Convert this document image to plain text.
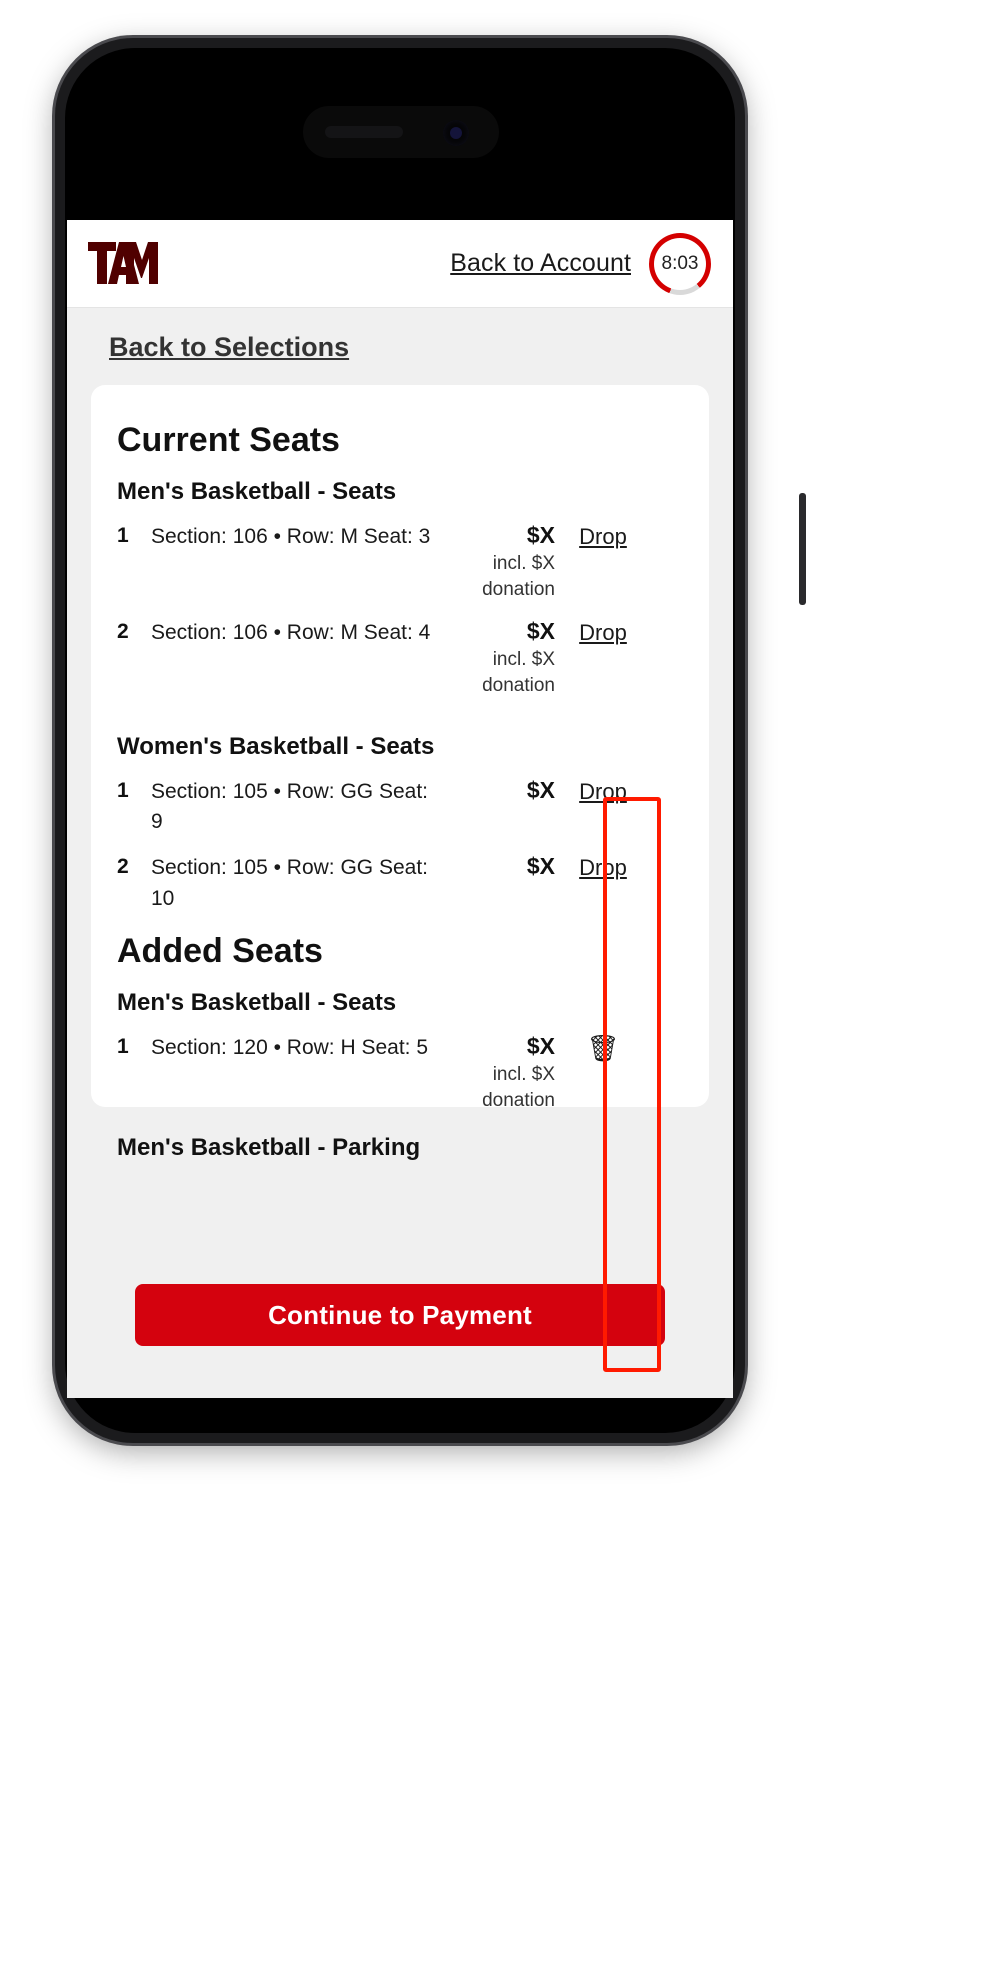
Back to Account	8:03
Back to Selections
Current Seats
Men's Basketball - Seats
1	Section: 106 • Row: M Seat: 3	$X
incl. $X donation
Drop
2	Section: 106 • Row: M Seat: 4	$X
incl. $X donation
Drop
Women's Basketball - Seats
1	Section: 105 • Row: GG Seat: 9
$X	Drop
2	Section: 105 • Row: GG Seat: 10
$X	Drop
Added Seats
Men's Basketball - Seats
1	Section: 120 • Row: H Seat: 5	$X
incl. $X donation
🗑
Men's Basketball - Parking
Continue to Payment
